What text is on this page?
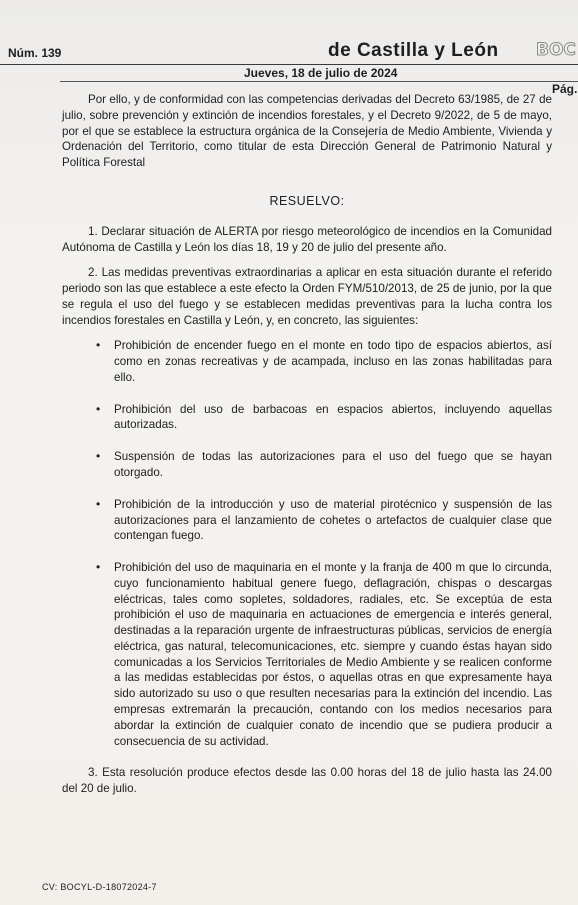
Núm. 139	de Castilla y León BOC
Jueves, 18 de julio de 2024
Pág.

Por ello, y de conformidad con las competencias derivadas del Decreto 63/1985, de 27 de julio, sobre prevención y extinción de incendios forestales, y el Decreto 9/2022, de 5 de mayo, por el que se establece la estructura orgánica de la Consejería de Medio Ambiente, Vivienda y Ordenación del Territorio, como titular de esta Dirección General de Patrimonio Natural y Política Forestal

RESUELVO:

1. Declarar situación de ALERTA por riesgo meteorológico de incendios en la Comunidad Autónoma de Castilla y León los días 18, 19 y 20 de julio del presente año.

2. Las medidas preventivas extraordinarias a aplicar en esta situación durante el referido periodo son las que establece a este efecto la Orden FYM/510/2013, de 25 de junio, por la que se regula el uso del fuego y se establecen medidas preventivas para la lucha contra los incendios forestales en Castilla y León, y, en concreto, las siguientes:

• Prohibición de encender fuego en el monte en todo tipo de espacios abiertos, así como en zonas recreativas y de acampada, incluso en las zonas habilitadas para ello.
• Prohibición del uso de barbacoas en espacios abiertos, incluyendo aquellas autorizadas.
• Suspensión de todas las autorizaciones para el uso del fuego que se hayan otorgado.
• Prohibición de la introducción y uso de material pirotécnico y suspensión de las autorizaciones para el lanzamiento de cohetes o artefactos de cualquier clase que contengan fuego.
• Prohibición del uso de maquinaria en el monte y la franja de 400 m que lo circunda, cuyo funcionamiento habitual genere fuego, deflagración, chispas o descargas eléctricas, tales como sopletes, soldadores, radiales, etc. Se exceptúa de esta prohibición el uso de maquinaria en actuaciones de emergencia e interés general, destinadas a la reparación urgente de infraestructuras públicas, servicios de energía eléctrica, gas natural, telecomunicaciones, etc. siempre y cuando éstas hayan sido comunicadas a los Servicios Territoriales de Medio Ambiente y se realicen conforme a las medidas establecidas por éstos, o aquellas otras en que expresamente haya sido autorizado su uso o que resulten necesarias para la extinción del incendio. Las empresas extremarán la precaución, contando con los medios necesarios para abordar la extinción de cualquier conato de incendio que se pudiera producir a consecuencia de su actividad.

3. Esta resolución produce efectos desde las 0.00 horas del 18 de julio hasta las 24.00 del 20 de julio.

CV: BOCYL-D-18072024-7
